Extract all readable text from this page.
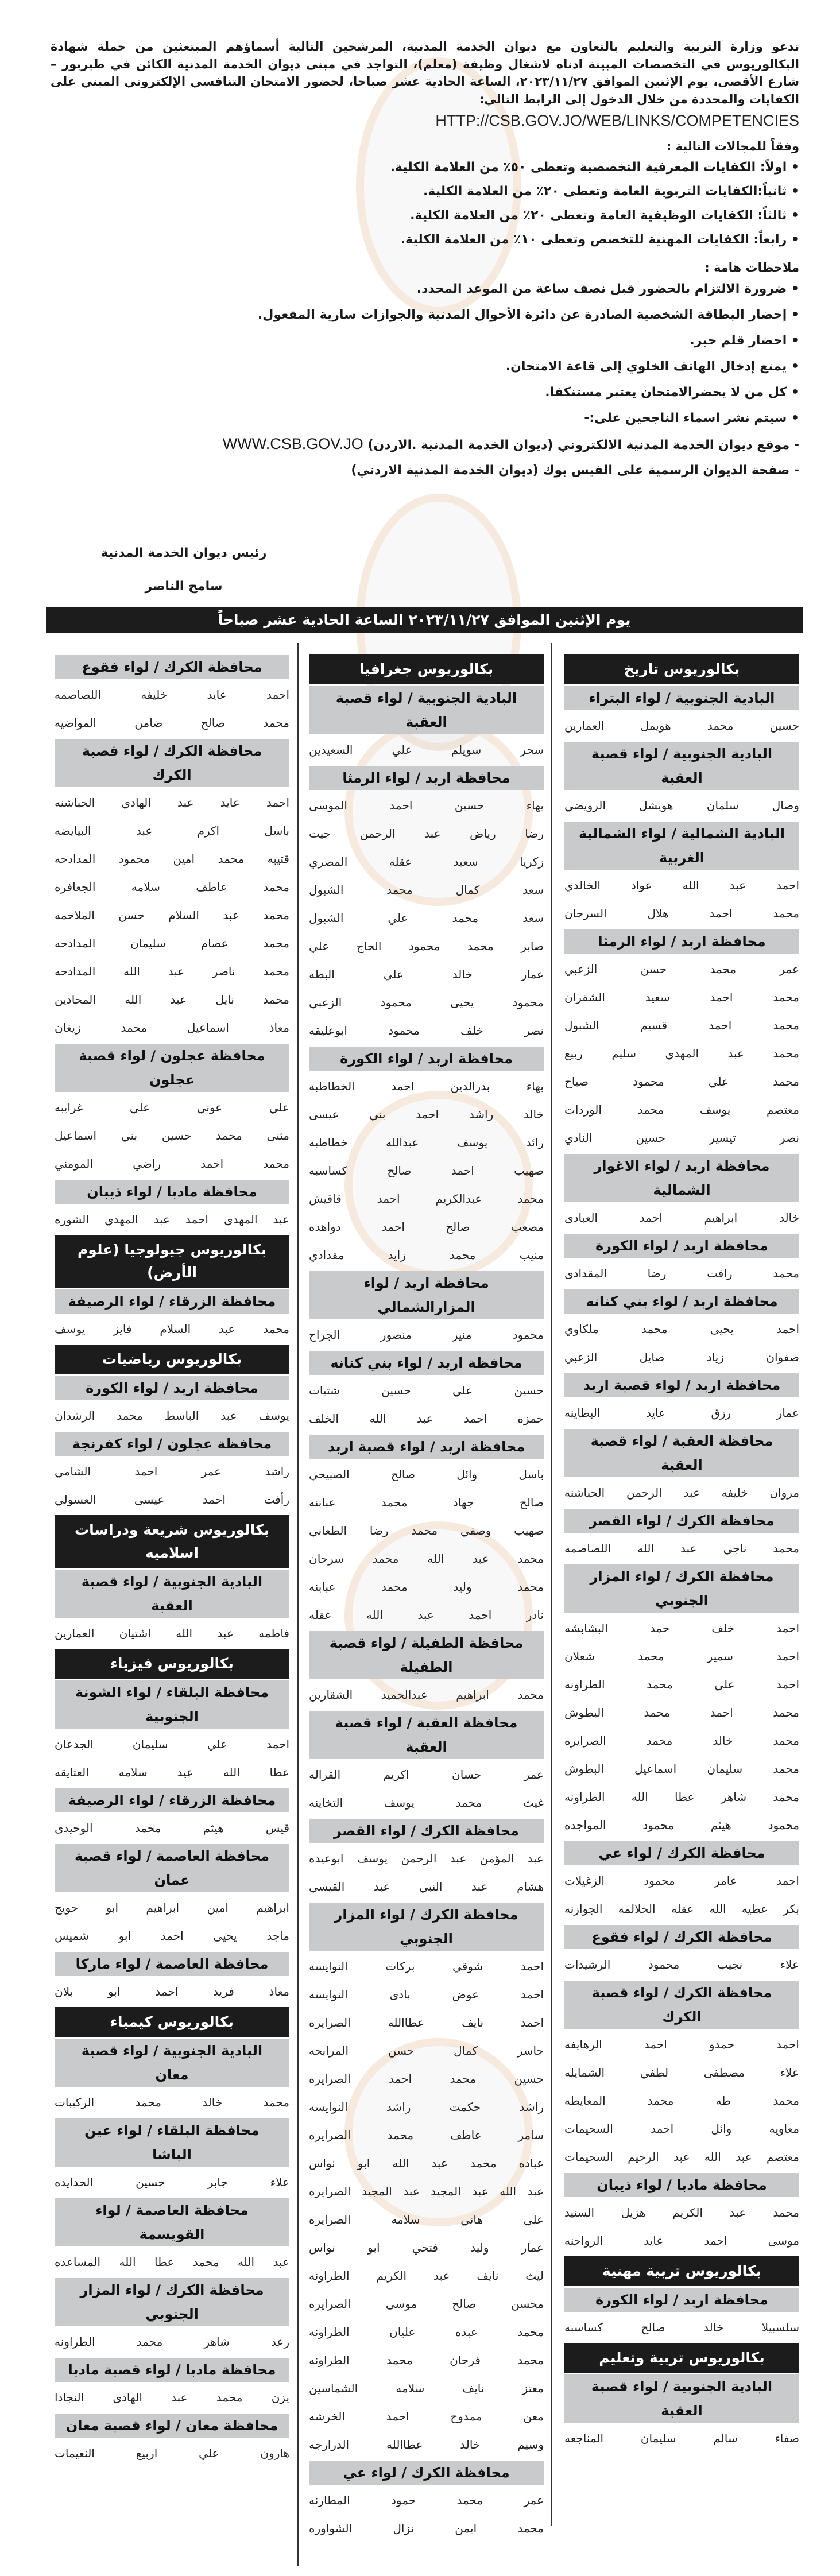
تدعو وزارة التربية والتعليم بالتعاون مع ديوان الخدمة المدنية، المرشحين التالية أسماؤهم المبتعثين من حملة شهادة البكالوريوس في التخصصات المبينة ادناه لاشغال وظيفة (معلم)، التواجد في مبنى ديوان الخدمة المدنية الكائن في طبربور – شارع الأقصى، يوم الإثنين الموافق ٢٠٢٣/١١/٢٧، الساعة الحادية عشر صباحا، لحضور الامتحان التنافسي الإلكتروني المبني على الكفايات والمحددة من خلال الدخول إلى الرابط التالي:

HTTP://CSB.GOV.JO/WEB/LINKS/COMPETENCIES

وفقاً للمجالات التالية :

• اولاً: الكفايات المعرفية التخصصية وتعطى ٥٠٪ من العلامة الكلية.
• ثانياً:الكفايات التربوية العامة وتعطى ٢٠٪ من العلامة الكلية.
• ثالثاً: الكفايات الوظيفية العامة وتعطى ٢٠٪ من العلامة الكلية.
• رابعاً: الكفايات المهنية للتخصص وتعطى ١٠٪ من العلامة الكلية.

ملاحظات هامة :

• ضرورة الالتزام بالحضور قبل نصف ساعة من الموعد المحدد.
• إحضار البطاقة الشخصية الصادرة عن دائرة الأحوال المدنية والجوازات سارية المفعول.
• احضار قلم حبر.
• يمنع إدخال الهاتف الخلوي إلى قاعة الامتحان.
• كل من لا يحضرالامتحان يعتبر مستنكفا.
• سيتم نشر اسماء الناجحين على:-
- موقع ديوان الخدمة المدنية الالكتروني (ديوان الخدمة المدنية .الاردن) WWW.CSB.GOV.JO
- صفحة الديوان الرسمية على الفيس بوك (ديوان الخدمة المدنية الاردني)
رئيس ديوان الخدمة المدنية
سامح الناصر
يوم الإثنين الموافق ٢٠٢٣/١١/٢٧ الساعة الحادية عشر صباحاً
بكالوريوس تاريخ
البادية الجنوبية / لواء البتراء
حسين محمد هويمل العمارين
البادية الجنوبية / لواء قصبة العقبة
وصال سلمان هويشل الرويضي
البادية الشمالية / لواء الشمالية الغربية
احمد عبد الله عواد الخالدي
محمد احمد هلال السرحان
محافظة اربد / لواء الرمثا
عمر محمد حسن الزعبي
محمد احمد سعيد الشقران
محمد احمد قسيم الشبول
محمد عبد المهدي سليم ربيع
محمد علي محمود صباح
معتصم يوسف محمد الوردات
نصر تيسير حسين النادي
محافظة اربد / لواء الاغوار الشمالية
خالد ابراهيم احمد العبادى
محافظة اربد / لواء الكورة
محمد رافت رضا المقدادى
محافظة اربد / لواء بني كنانه
احمد يحيى محمد ملكاوي
صفوان زياد صايل الزعبي
محافظة اربد / لواء قصبة اربد
عمار رزق عايد البطاينه
محافظة العقبة / لواء قصبة العقبة
مروان خليفه عبد الرحمن الحباشنه
محافظة الكرك / لواء القصر
محمد ناجي عبد الله اللصاصمه
محافظة الكرك / لواء المزار الجنوبي
احمد خلف حمد البشابشه
احمد سمير محمد شعلان
احمد علي محمد الطراونه
محمد احمد محمد البطوش
محمد خالد محمد الصرايره
محمد سليمان اسماعيل البطوش
محمد شاهر عطا الله الطراونه
محمود هيثم محمود المواجده
محافظة الكرك / لواء عي
احمد عامر محمود الزغيلات
بكر عطيه الله عقله الحلالمه الجوازنه
محافظة الكرك / لواء فقوع
علاء نجيب محمود الرشيدات
محافظة الكرك / لواء قصبة الكرك
احمد حمدو احمد الرهايفه
علاء مصطفى لطفي الشمايله
محمد طه محمد المعايطه
معاويه وائل احمد السحيمات
معتصم عبد الله عبد الرحيم السحيمات
محافظة مادبا / لواء ذيبان
محمد عبد الكريم هزيل السنيد
موسى احمد عايد الرواحنه
بكالوريوس تربية مهنية
محافظة اربد / لواء الكورة
سلسبيلا خالد صالح كساسبه
بكالوريوس تربية وتعليم
البادية الجنوبية / لواء قصبة العقبة
صفاء سالم سليمان المناجعه
بكالوريوس جغرافيا
البادية الجنوبية / لواء قصبة العقبة
سحر سويلم علي السعيدين
محافظة اربد / لواء الرمثا
بهاء حسين احمد الموسى
رضا رياض عبد الرحمن جيت
زكريا سعيد عقله المصري
سعد كمال محمد الشبول
سعد محمد علي الشبول
صابر محمد محمود الحاج علي
عمار خالد علي البطه
محمود يحيى محمود الزعبي
نصر خلف محمود ابوعليقه
محافظة اربد / لواء الكورة
بهاء بدرالدين احمد الخطاطبه
خالد راشد احمد بني عيسى
رائد يوسف عبدالله خطاطبه
صهيب احمد صالح كساسبه
محمد عبدالكريم احمد قاقيش
مصعب صالح احمد دواهده
منيب محمد زايد مقدادي
محافظة اربد / لواء المزارالشمالي
محمود منير منصور الجراح
محافظة اربد / لواء بني كنانه
حسين علي حسين شتيات
حمزه احمد عبد الله الخلف
محافظة اربد / لواء قصبة اربد
باسل وائل صالح الصبيحي
صالح جهاد محمد عبابنه
صهيب وصفي محمد رضا الطعاني
محمد عبد الله محمد سرحان
محمد وليد محمد عبابنه
نادر احمد عبد الله عقله
محافظة الطفيلة / لواء قصبة الطفيلة
محمد ابراهيم عبدالحميد الشقارين
محافظة العقبة / لواء قصبة العقبة
عمر حسان اكريم القراله
غيث محمد يوسف التخاينه
محافظة الكرك / لواء القصر
عبد المؤمن عبد الرحمن يوسف ابوعيده
هشام عبد النبي عبد القيسي
محافظة الكرك / لواء المزار الجنوبي
احمد شوقي بركات النوايسه
احمد عوض بادى النوايسه
احمد نايف عطاالله الصرايره
جاسر كمال حسن المرابحه
حسين محمد احمد الصرايره
راشد حكمت راشد النوايسه
سامر عاطف محمد الصرايره
عباده محمد عبد الله ابو نواس
عبد الله عبد المجيد عبد المجيد الصرايره
علي هاني سلامه الصرايره
عمار وليد فتحي ابو نواس
ليث نايف عبد الكريم الطراونه
محسن صالح موسى الصرايره
محمد عبده عليان الطراونه
محمد فرحان محمد الطراونه
معتز نايف سلامه الشماسين
معن ممدوح احمد الخرشه
وسيم خالد عطاالله الدرارجه
محافظة الكرك / لواء عي
عمر محمد حمود المطارنه
محمد ايمن نزال الشواوره
محافظة الكرك / لواء فقوع
احمد عايد خليفه اللصاصمه
محمد صالح ضامن المواضيه
محافظة الكرك / لواء قصبة الكرك
احمد عايد عبد الهادي الحباشنه
باسل اكرم عبد البيايضه
قتيبه محمد امين محمود المدادحه
محمد عاطف سلامه الجعافره
محمد عبد السلام حسن الملاحمه
محمد عصام سليمان المدادحه
محمد ناصر عبد الله المدادحه
محمد نايل عبد الله المحادين
معاذ اسماعيل محمد زيغان
محافظة عجلون / لواء قصبة عجلون
علي عوني علي غرايبه
مثنى محمد حسين بني اسماعيل
محمد احمد راضي المومني
محافظة مادبا / لواء ذيبان
عبد المهدي احمد عبد المهدي الشوره
بكالوريوس جيولوجيا (علوم الأرض)
محافظة الزرقاء / لواء الرصيفة
محمد عبد السلام فايز يوسف
بكالوريوس رياضيات
محافظة اربد / لواء الكورة
يوسف عبد الباسط محمد الرشدان
محافظة عجلون / لواء كفرنجة
راشد عمر احمد الشامي
رأفت احمد عيسى العسولي
بكالوريوس شريعة ودراسات اسلاميه
البادية الجنوبية / لواء قصبة العقبة
فاطمه عبد الله اشتيان العمارين
بكالوريوس فيزياء
محافظة البلقاء / لواء الشونة الجنوبية
احمد علي سليمان الجدعان
عطا الله عيد سلامه العتايقه
محافظة الزرقاء / لواء الرصيفة
قيس هيثم محمد الوحيدى
محافظة العاصمة / لواء قصبة عمان
ابراهيم امين ابراهيم ابو حويج
ماجد يحيى احمد ابو شميس
محافظة العاصمة / لواء ماركا
معاذ فريد احمد ابو بلان
بكالوريوس كيمياء
البادية الجنوبية / لواء قصبة معان
محمد خالد محمد الركيبات
محافظة البلقاء / لواء عين الباشا
علاء جابر حسين الحدايده
محافظة العاصمة / لواء القويسمة
عبد الله محمد عطا الله المساعده
محافظة الكرك / لواء المزار الجنوبي
رعد شاهر محمد الطراونه
محافظة مادبا / لواء قصبة مادبا
يزن محمد عبد الهادى النجادا
محافظة معان / لواء قصبة معان
هارون علي اربيع النعيمات
